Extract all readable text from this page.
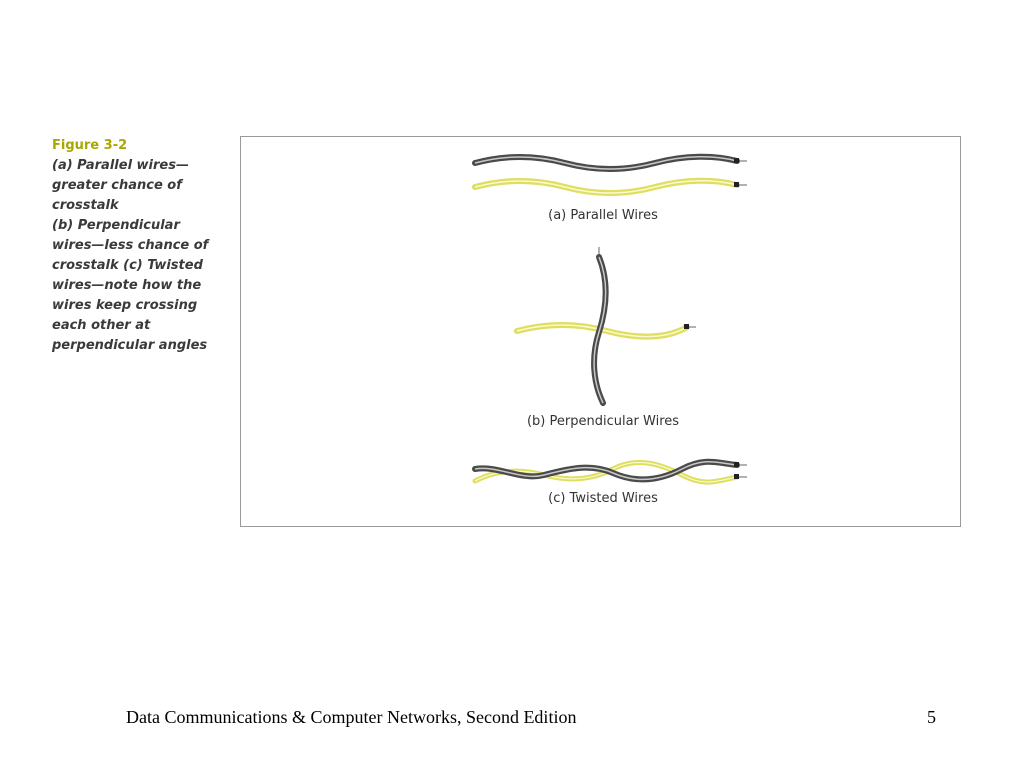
Figure 3-2
(a) Parallel wires—
greater chance of
crosstalk
(b) Perpendicular
wires—less chance of
crosstalk (c) Twisted
wires—note how the
wires keep crossing
each other at
perpendicular angles
(a) Parallel Wires
(b) Perpendicular Wires
(c) Twisted Wires
Data Communications & Computer Networks, Second Edition	5
